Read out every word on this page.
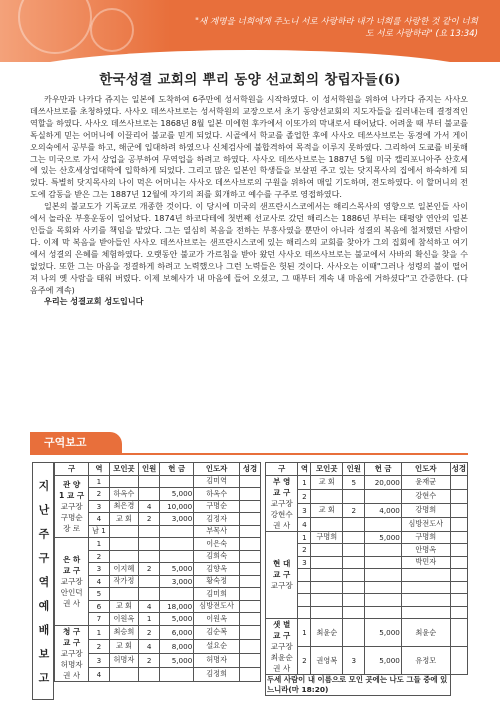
"새 계명을 너희에게 주노니 서로 사랑하라 내가 너희를 사랑한 것 같이 너희도 서로 사랑하라" (요 13:34)
한국성결 교회의 뿌리 동양 선교회의 창립자들(6)

카우만과 나카다 쥬지는 일본에 도착하여 6주만에 성서학원을 시작하였다. 이 성서학원을 위하여 나카다 쥬지는 사사오 데쓰사브로를 초청하였다. 사사오 데쓰사브로는 성서학원의 교장으로서 초기 동양선교회의 지도자들을 길러내는데 결정적인 역할을 하였다. 사사오 데쓰사브로는 1868년 8월 일본 미에현 후카에서 이또가의 막내로서 태어났다. 어려울 때 부터 불교를 독실하게 믿는 어머니에 이끌리어 불교를 믿게 되었다. 시골에서 학교를 졸업한 후에 사사오 데쓰사브로는 동경에 가서 게이오의숙에서 공부를 하고, 해군에 입대하려 하였으나 신체검사에 불합격하여 목적을 이루지 못하였다. 그리하여 도쿄를 비롯해 그는 미국으로 가서 상업을 공부하여 무역업을 하려고 하였다. 사사오 데쓰사브로는 1887년 5월 미국 캘리포니아주 산호세에 있는 산호세상업대학에 입학하게 되었다. 그리고 많은 일본인 학생들을 보살핀 주고 있는 닷지목사의 집에서 하숙하게 되었다. 특별히 닷지목사의 나이 먹은 어머니는 사사오 데쓰사브로의 구원을 위하여 매일 기도하며, 전도하였다. 이 할머니의 전도에 감동을 받은 그는 1887년 12월에 자기의 죄를 회개하고 예수를 구주로 영접하였다.

일본의 불교도가 기독교로 개종한 것이다. 이 당시에 미국의 샌프란시스코에서는 해리스목사의 영향으로 일본인들 사이에서 놀라운 부흥운동이 일어났다. 1874년 하코다테에 첫번째 선교사로 갔던 해리스는 1886년 부터는 태평양 연안의 일본인들을 목회와 사키를 책임을 맡았다. 그는 열심히 복음을 전하는 부흥사였을 뿐만이 아니라 성결의 복음에 철저했던 사람이다. 이제 막 복음을 받아들인 사사오 데쓰사브로는 샌프란시스코에 있는 해리스의 교회를 찾아가 그의 집회에 참석하고 여기에서 성결의 은혜를 체험하였다. 오랫동안 불교가 가르침을 받아 왔던 사사오 데쓰사브로는 불교에서 사바의 확신을 찾을 수 없었다. 또한 그는 마음을 정결하게 하려고 노력했으나 그런 노력들은 헛된 것이다. 사사오는 이때"그러나 성령의 불이 떨어져 나의 옛 사람을 태워 버렸다. 이제 보혜사가 내 마음에 들어 오셨고, 그 때부터 계속 내 마음에 거하셨다"고 간증한다. (다음주에 계속)

우리는 성결교회 성도입니다

구역보고
지 난 주 구 역 예 배 보 고
구	역	모인곳	인원	헌 금	인도자	성경
관 양
1 교 구
교구장
구명순
장 로	1				김미역	
	2	하옥수		5,000	하옥수	
	3	최은경	4	10,000	구명순	
	4	교 회	2	3,000	김정자	
	남 1				부목사	
은 하
교 구
교구장
안인덕
권 사	1				이은숙	
	2				김희숙	
	3	이지혜	2	5,000	김향옥	
	4	작가정		3,000	황숙정	
	5				김미희	
	6	교 회	4	18,000	심방전도사	
	7	이원옥	1	5,000	이원옥	
청 구
교 구
교구장
허명자
권 사	1	최승희	2	6,000	김순복	
	2	교 회	4	8,000	설요순	
	3	허명자	2	5,000	허명자	
	4				김정희	
구	역	모인곳	인원	헌 금	인도자	성경
부 영
교 구
교구장
강현수
권 사	1	교 회	5	20,000	윤재균	
	2				강현수	
	3	교 회	2	4,000	강명희	
	4				심방전도사	
현 대
교 구
교구장	1	구명희		5,000	구명희	
	2				안명옥	
	3				박민자	

샛 별
교 구
교구장
최윤순
권 사	1	최윤순		5,000	최윤순	
	2	권영복	3	5,000	유정모	
두세 사람이 내 이름으로 모인 곳에는 나도 그들 중에 있느니라(마 18:20)						
